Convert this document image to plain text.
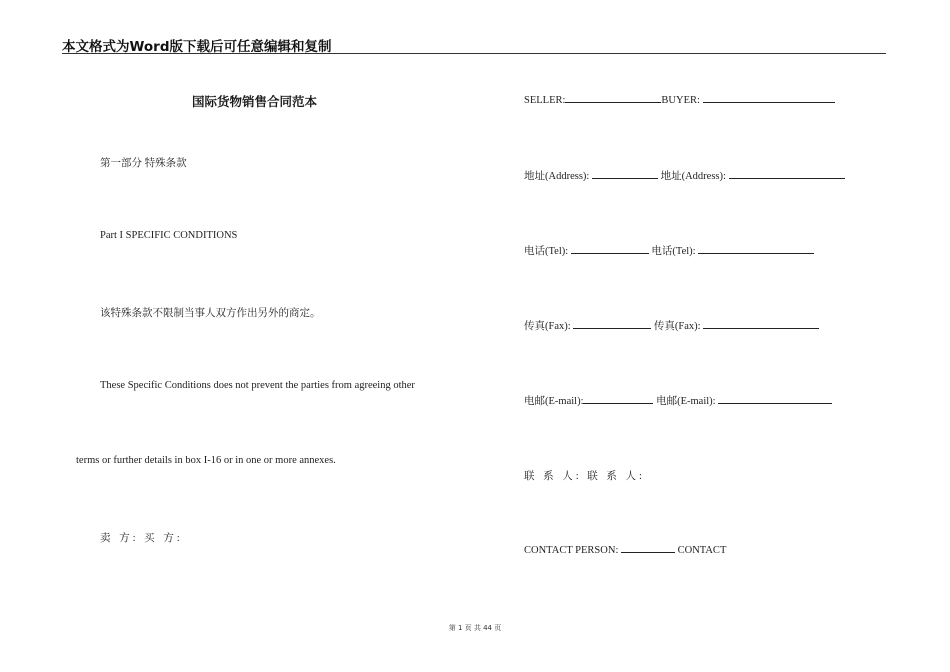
本文格式为Word版下载后可任意编辑和复制
国际货物销售合同范本
第一部分 特殊条款
Part I SPECIFIC CONDITIONS
该特殊条款不限制当事人双方作出另外的商定。
These Specific Conditions does not prevent the parties from agreeing other
terms or further details in box I-16 or in one or more annexes.
卖 方: 买 方:
SELLER:	BUYER:
地址(Address):	地址(Address):
电话(Tel):	电话(Tel):
传真(Fax):	传真(Fax):
电邮(E-mail):	电邮(E-mail):
联 系 人: 联 系 人:
CONTACT PERSON:	CONTACT
第 1 页 共 44 页
